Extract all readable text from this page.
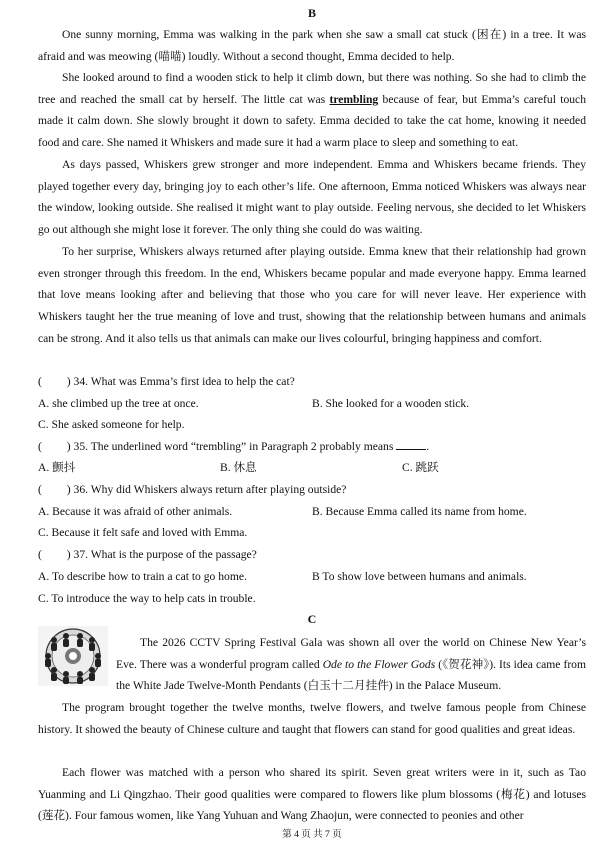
B

One sunny morning, Emma was walking in the park when she saw a small cat stuck (困在) in a tree. It was afraid and was meowing (喵喵) loudly. Without a second thought, Emma decided to help.

She looked around to find a wooden stick to help it climb down, but there was nothing. So she had to climb the tree and reached the small cat by herself. The little cat was trembling because of fear, but Emma’s careful touch made it calm down. She slowly brought it down to safety. Emma decided to take the cat home, knowing it needed food and care. She named it Whiskers and made sure it had a warm place to sleep and something to eat.

As days passed, Whiskers grew stronger and more independent. Emma and Whiskers became friends. They played together every day, bringing joy to each other’s life. One afternoon, Emma noticed Whiskers was always near the window, looking outside. She realised it might want to play outside. Feeling nervous, she decided to let Whiskers go out although she might lose it forever. The only thing she could do was waiting.

To her surprise, Whiskers always returned after playing outside. Emma knew that their relationship had grown even stronger through this freedom. In the end, Whiskers became popular and made everyone happy. Emma learned that love means looking after and believing that those who you care for will never leave. Her experience with Whiskers taught her the true meaning of love and trust, showing that the relationship between humans and animals can be strong. And it also tells us that animals can make our lives colourful, bringing happiness and comfort.

( ) 34. What was Emma’s first idea to help the cat?
A. she climbed up the tree at once.	B. She looked for a wooden stick.
C. She asked someone for help.
( ) 35. The underlined word “trembling” in Paragraph 2 probably means	.
A. 颤抖	B. 休息	C. 跳跃
( ) 36. Why did Whiskers always return after playing outside?
A. Because it was afraid of other animals.	B. Because Emma called its name from home.
C. Because it felt safe and loved with Emma.
( ) 37. What is the purpose of the passage?
A. To describe how to train a cat to go home.	B To show love between humans and animals.
C. To introduce the way to help cats in trouble.
C

The 2026 CCTV Spring Festival Gala was shown all over the world on Chinese New Year’s Eve. There was a wonderful program called Ode to the Flower Gods (《贺花神》). Its idea came from the White Jade Twelve-Month Pendants (白玉十二月挂件) in the Palace Museum.

The program brought together the twelve months, twelve flowers, and twelve famous people from Chinese history. It showed the beauty of Chinese culture and taught that flowers can stand for good qualities and great ideas.

Each flower was matched with a person who shared its spirit. Seven great writers were in it, such as Tao Yuanming and Li Qingzhao. Their good qualities were compared to flowers like plum blossoms (梅花) and lotuses (莲花). Four famous women, like Yang Yuhuan and Wang Zhaojun, were connected to peonies and other

第 4 页 共 7 页
